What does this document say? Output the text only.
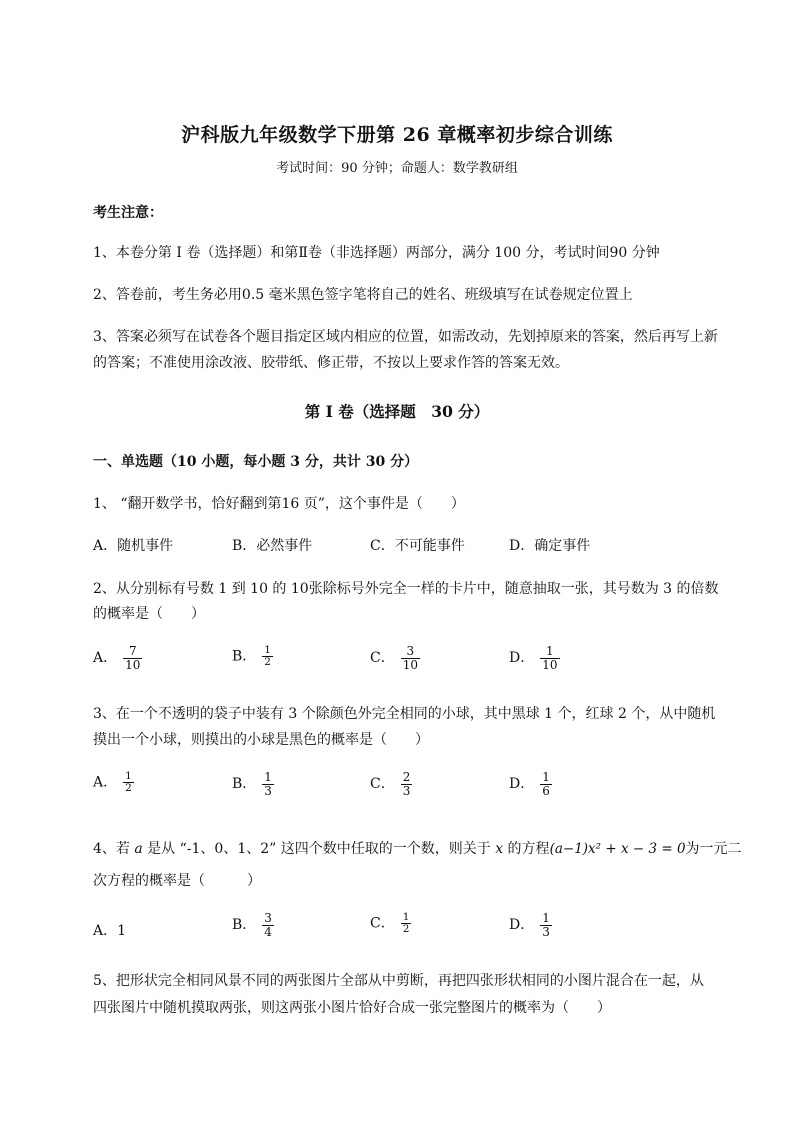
沪科版九年级数学下册第 26 章概率初步综合训练
考试时间：90 分钟；命题人：数学教研组
考生注意：
1、本卷分第 I 卷（选择题）和第Ⅱ卷（非选择题）两部分，满分 100 分，考试时间90 分钟
2、答卷前，考生务必用0.5 毫米黑色签字笔将自己的姓名、班级填写在试卷规定位置上
3、答案必须写在试卷各个题目指定区域内相应的位置，如需改动，先划掉原来的答案，然后再写上新
的答案；不准使用涂改液、胶带纸、修正带，不按以上要求作答的答案无效。
第 I 卷（选择题　30 分）
一、单选题（10 小题，每小题 3 分，共计 30 分）
1、 “翻开数学书，恰好翻到第16 页”，这个事件是（　　）
A．随机事件	B．必然事件	C．不可能事件	D．确定事件
2、从分别标有号数 1 到 10 的 10张除标号外完全一样的卡片中，随意抽取一张，其号数为 3 的倍数
的概率是（　　）
A． $\frac{7}{10}$	B． $\frac{1}{2}$	C． $\frac{3}{10}$	D． $\frac{1}{10}$
3、在一个不透明的袋子中装有 3 个除颜色外完全相同的小球，其中黑球 1 个，红球 2 个，从中随机
摸出一个小球，则摸出的小球是黑色的概率是（　　）
A． $\frac{1}{2}$	B． $\frac{1}{3}$	C． $\frac{2}{3}$	D． $\frac{1}{6}$
4、若 a 是从 “-1、0、1、2” 这四个数中任取的一个数，则关于 x 的方程(a−1)x² + x − 3 = 0为一元二
次方程的概率是（　　　）
A．1	B． $\frac{3}{4}$	C． $\frac{1}{2}$	D． $\frac{1}{3}$
5、把形状完全相同风景不同的两张图片全部从中剪断，再把四张形状相同的小图片混合在一起，从
四张图片中随机摸取两张，则这两张小图片恰好合成一张完整图片的概率为（　　）
